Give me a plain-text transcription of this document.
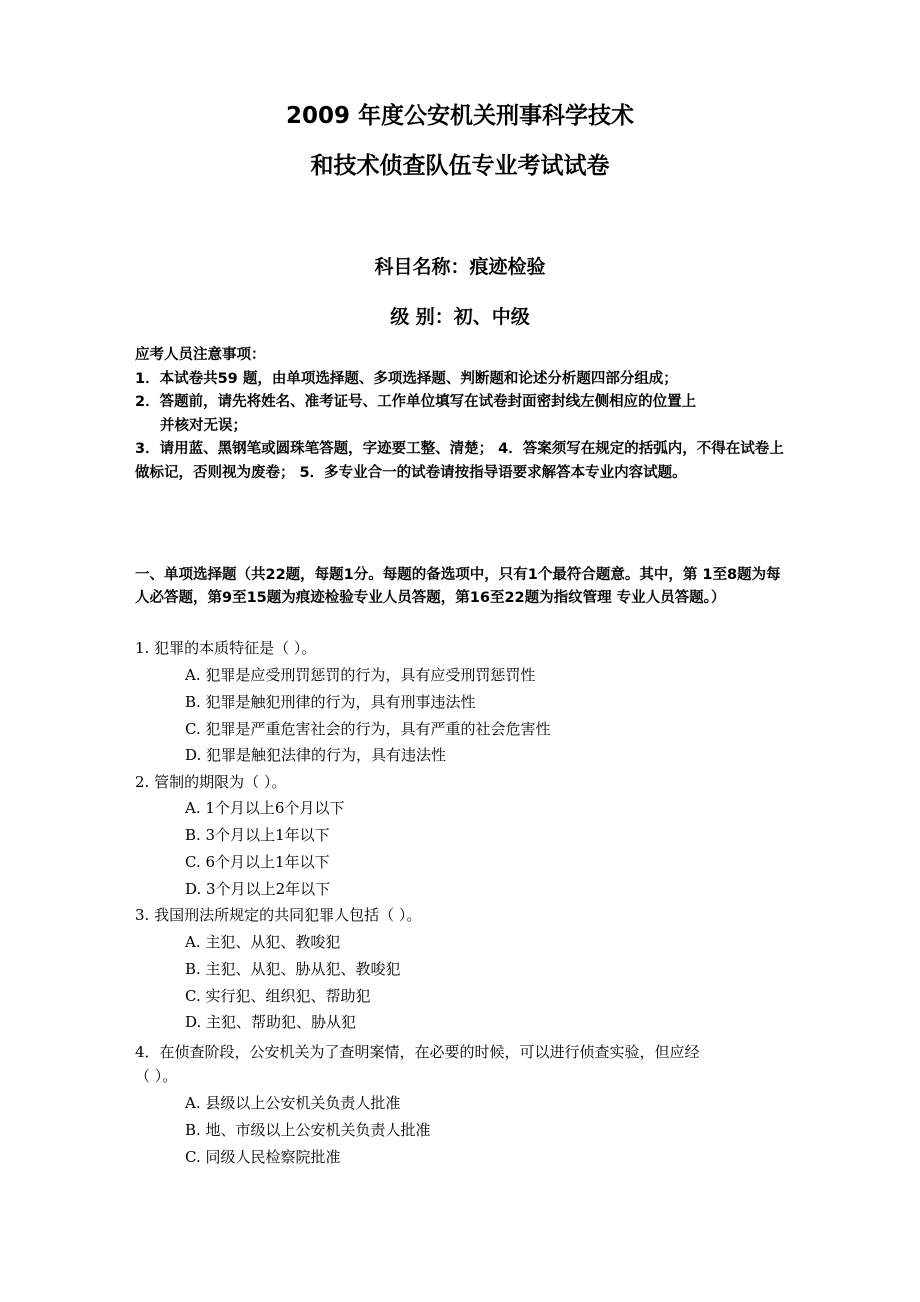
2009 年度公安机关刑事科学技术
和技术侦查队伍专业考试试卷
科目名称：痕迹检验
级 别：初、中级
应考人员注意事项：
1．本试卷共59 题，由单项选择题、多项选择题、判断题和论述分析题四部分组成；
2．答题前，请先将姓名、准考证号、工作单位填写在试卷封面密封线左侧相应的位置上
并核对无误；
3．请用蓝、黑钢笔或圆珠笔答题，字迹要工整、清楚； 4．答案须写在规定的括弧内，不得在试卷上做标记，否则视为废卷； 5．多专业合一的试卷请按指导语要求解答本专业内容试题。
一、单项选择题（共22题，每题1分。每题的备选项中，只有1个最符合题意。其中，第 1至8题为每人必答题，第9至15题为痕迹检验专业人员答题，第16至22题为指纹管理 专业人员答题。）
1. 犯罪的本质特征是（ ）。
A. 犯罪是应受刑罚惩罚的行为，具有应受刑罚惩罚性
B. 犯罪是触犯刑律的行为，具有刑事违法性
C. 犯罪是严重危害社会的行为，具有严重的社会危害性
D. 犯罪是触犯法律的行为，具有违法性
2. 管制的期限为（ ）。
A. 1个月以上6个月以下
B. 3个月以上1年以下
C. 6个月以上1年以下
D. 3个月以上2年以下
3. 我国刑法所规定的共同犯罪人包括（ ）。
A. 主犯、从犯、教唆犯
B. 主犯、从犯、胁从犯、教唆犯
C. 实行犯、组织犯、帮助犯
D. 主犯、帮助犯、胁从犯
4．在侦查阶段，公安机关为了查明案情，在必要的时候，可以进行侦查实验，但应经
（ ）。
A. 县级以上公安机关负责人批准
B. 地、市级以上公安机关负责人批准
C. 同级人民检察院批准
